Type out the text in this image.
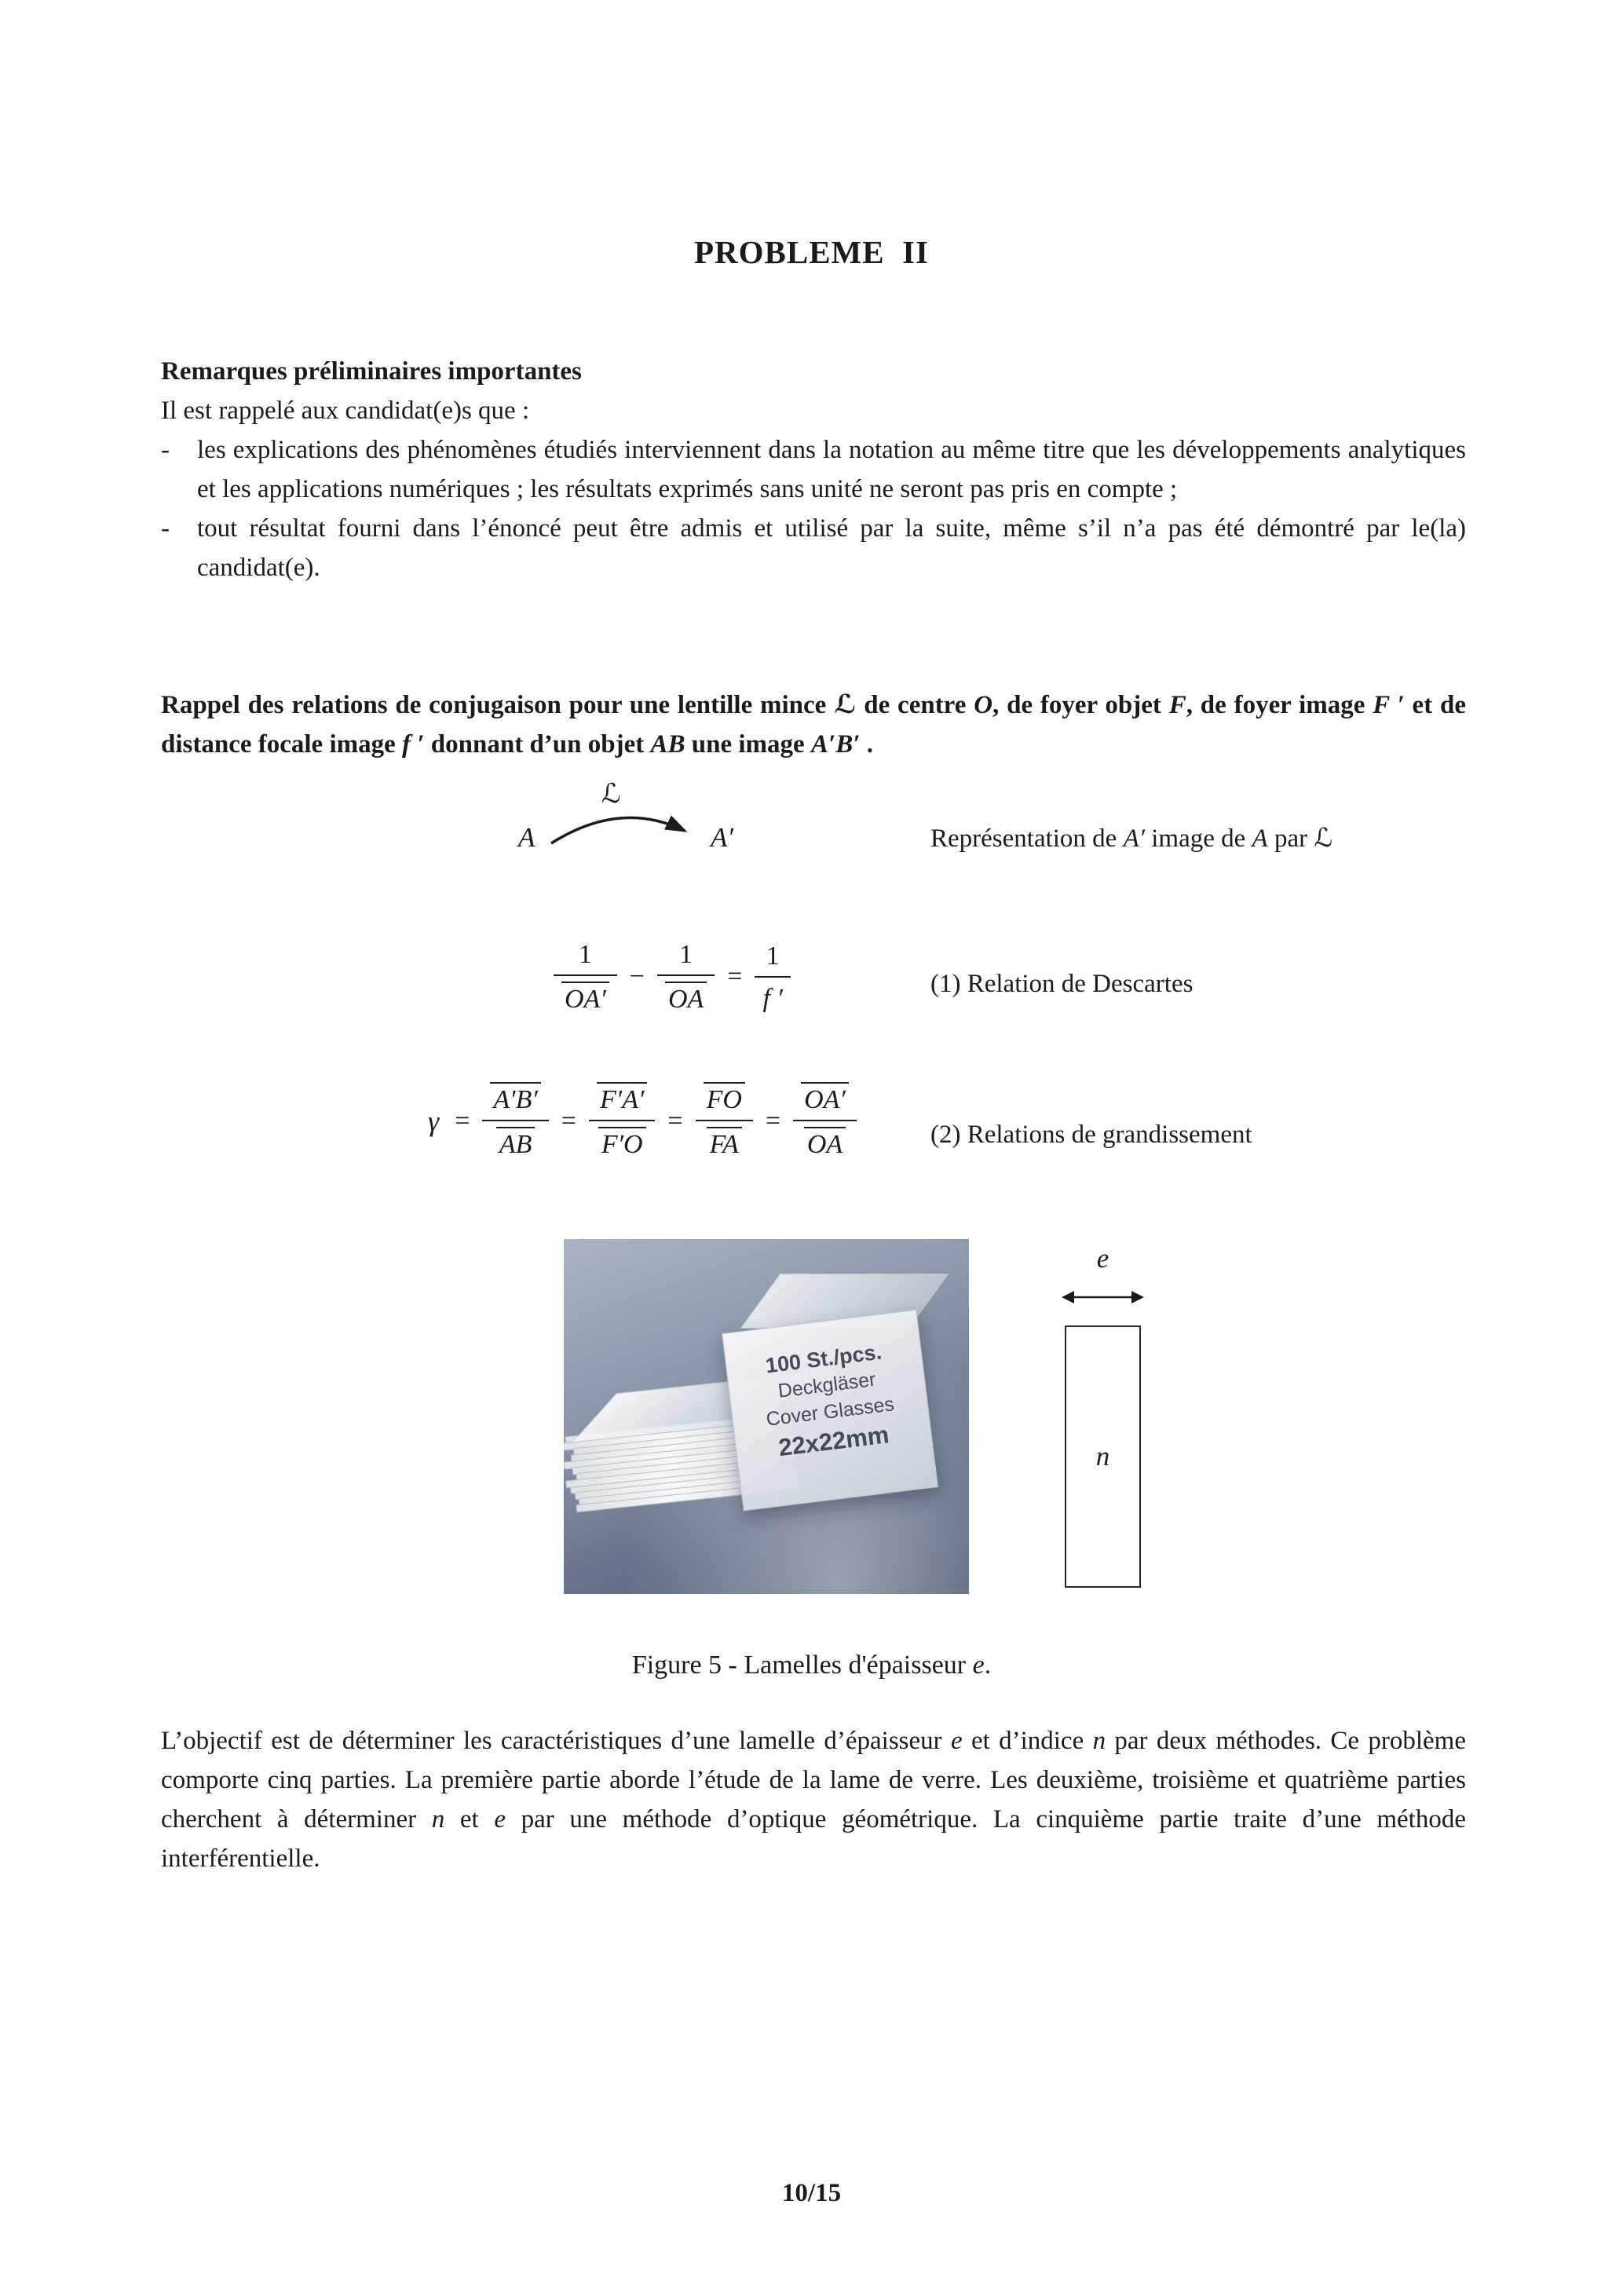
PROBLEME  II
Remarques préliminaires importantes
Il est rappelé aux candidat(e)s que :
-	les explications des phénomènes étudiés interviennent dans la notation au même titre que les développements analytiques et les applications numériques ; les résultats exprimés sans unité ne seront pas pris en compte ;
-	tout résultat fourni dans l’énoncé peut être admis et utilisé par la suite, même s’il n’a pas été démontré par le(la) candidat(e).
Rappel des relations de conjugaison pour une lentille mince ℒ de centre O, de foyer objet F, de foyer image F ′ et de distance focale image f ′ donnant d’un objet AB une image A′B′ .
A
ℒ
A′	Représentation de A′ image de A par ℒ
$\frac{1}{OA'} - \frac{1}{OA} = \frac{1}{f '}$	(1) Relation de Descartes
$\gamma = \frac{A'B'}{AB} = \frac{F'A'}{F'O} = \frac{FO}{FA} = \frac{OA'}{OA}$	(2) Relations de grandissement
100 St./pcs.
Deckgläser
Cover Glasses
22x22mm
e
n
Figure 5 - Lamelles d'épaisseur e.
L’objectif est de déterminer les caractéristiques d’une lamelle d’épaisseur e et d’indice n par deux méthodes. Ce problème comporte cinq parties. La première partie aborde l’étude de la lame de verre. Les deuxième, troisième et quatrième parties cherchent à déterminer n et e par une méthode d’optique géométrique. La cinquième partie traite d’une méthode interférentielle.
10/15
